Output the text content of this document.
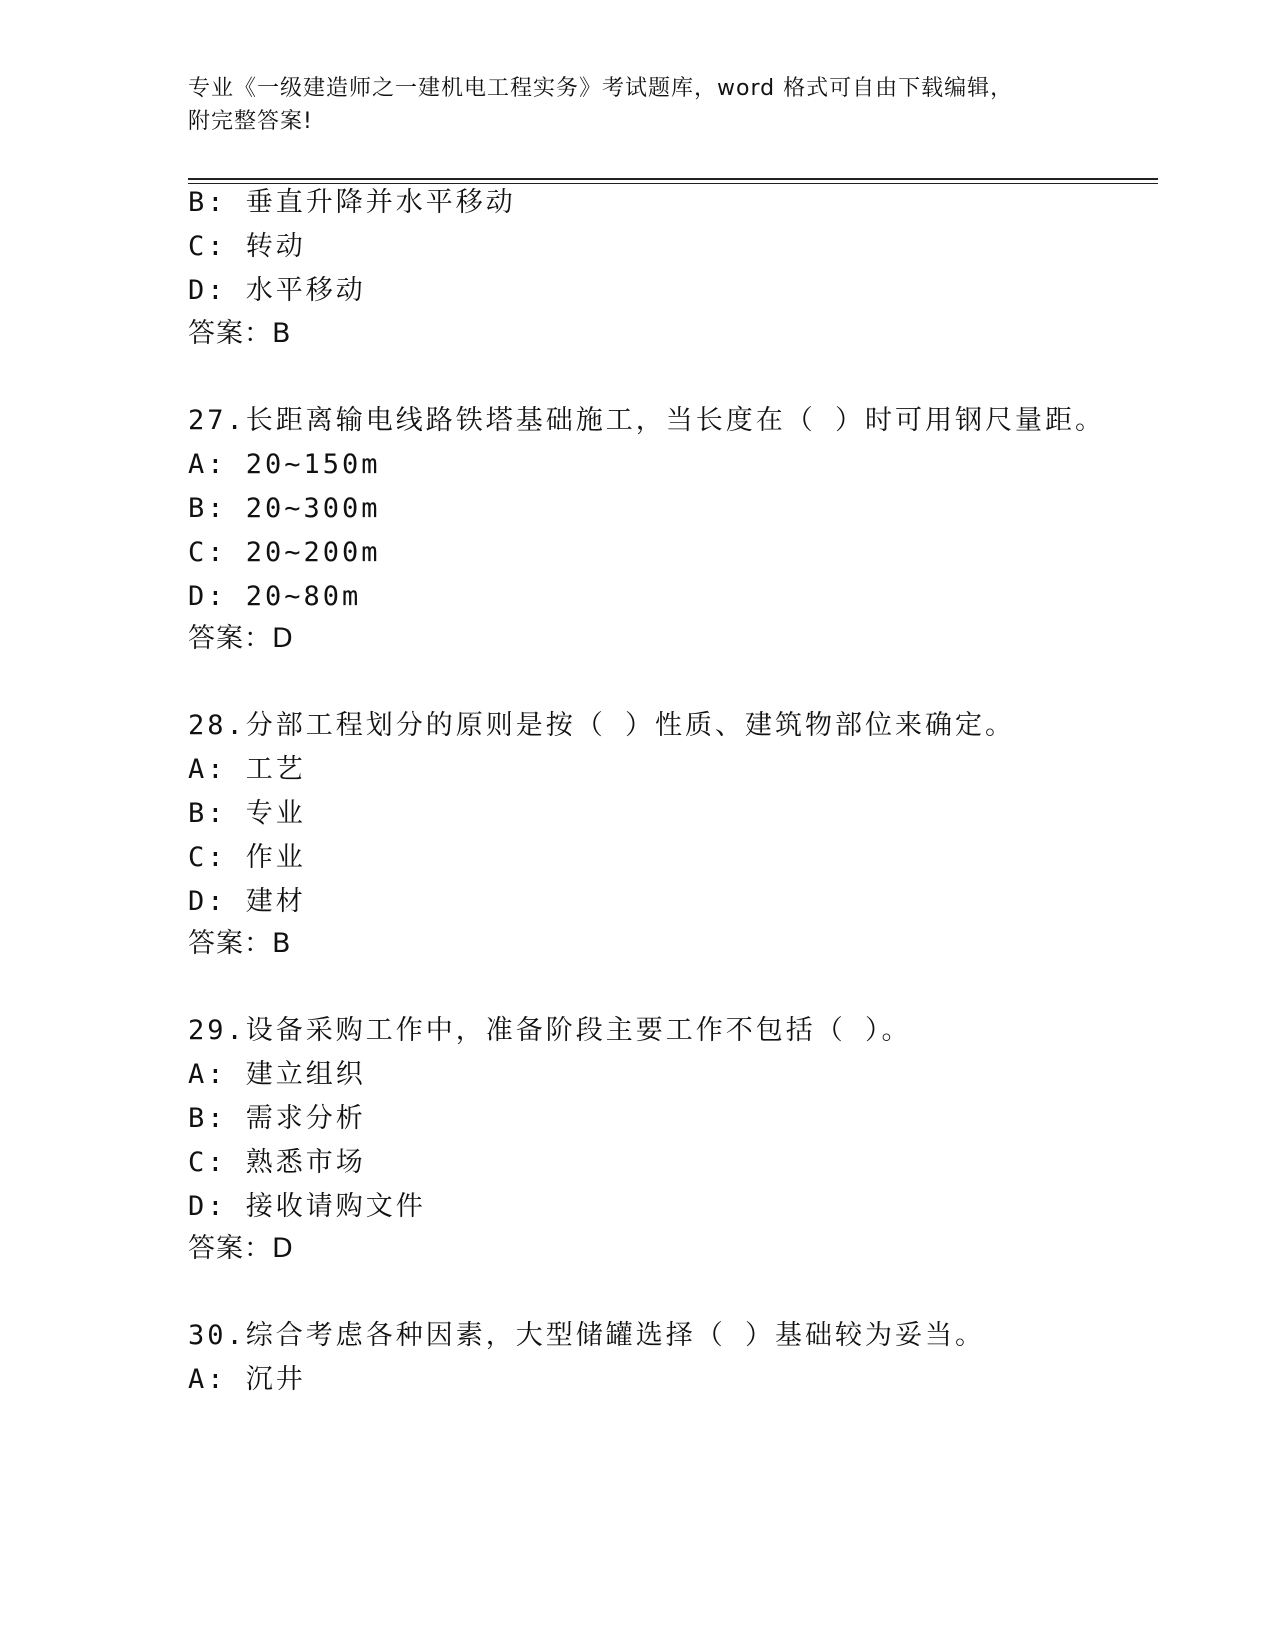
专业《一级建造师之一建机电工程实务》考试题库，word 格式可自由下载编辑，
附完整答案!
B: 垂直升降并水平移动
C: 转动
D: 水平移动
答案：B
27.长距离输电线路铁塔基础施工，当长度在（ ）时可用钢尺量距。
A: 20~150m
B: 20~300m
C: 20~200m
D: 20~80m
答案：D
28.分部工程划分的原则是按（ ）性质、建筑物部位来确定。
A: 工艺
B: 专业
C: 作业
D: 建材
答案：B
29.设备采购工作中，准备阶段主要工作不包括（ ）。
A: 建立组织
B: 需求分析
C: 熟悉市场
D: 接收请购文件
答案：D
30.综合考虑各种因素，大型储罐选择（ ）基础较为妥当。
A: 沉井
